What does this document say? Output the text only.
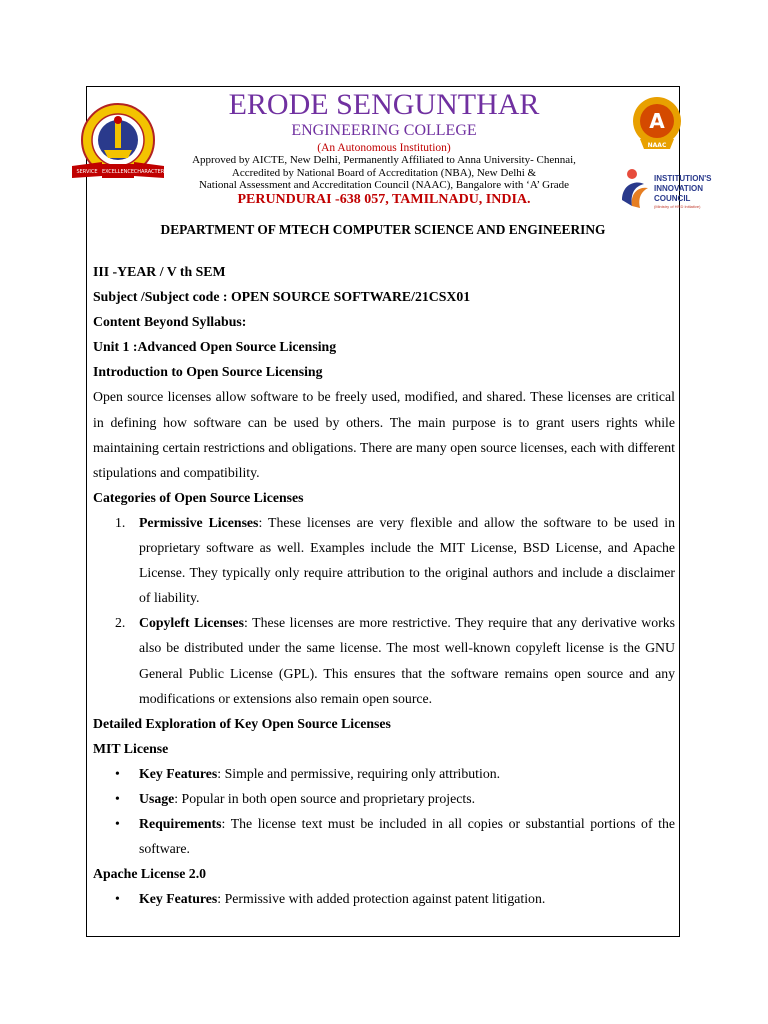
SERVICE EXCELLENCE CHARACTER
A
NAAC
INSTITUTION'S
INNOVATION
COUNCIL
(Ministry of HRD Initiative)
ERODE SENGUNTHAR
ENGINEERING COLLEGE
(An Autonomous Institution)
Approved by AICTE, New Delhi, Permanently Affiliated to Anna University- Chennai,
Accredited by National Board of Accreditation (NBA), New Delhi &
National Assessment and Accreditation Council (NAAC), Bangalore with ‘A’ Grade
PERUNDURAI -638 057, TAMILNADU, INDIA.
DEPARTMENT OF MTECH COMPUTER SCIENCE AND ENGINEERING

III -YEAR / V th SEM

Subject /Subject code : OPEN SOURCE SOFTWARE/21CSX01

Content Beyond Syllabus:

Unit 1 :Advanced Open Source Licensing

Introduction to Open Source Licensing

Open source licenses allow software to be freely used, modified, and shared. These licenses are critical in defining how software can be used by others. The main purpose is to grant users rights while maintaining certain restrictions and obligations. There are many open source licenses, each with different stipulations and compatibility.

Categories of Open Source Licenses

1. Permissive Licenses: These licenses are very flexible and allow the software to be used in proprietary software as well. Examples include the MIT License, BSD License, and Apache License. They typically only require attribution to the original authors and include a disclaimer of liability.
2. Copyleft Licenses: These licenses are more restrictive. They require that any derivative works also be distributed under the same license. The most well-known copyleft license is the GNU General Public License (GPL). This ensures that the software remains open source and any modifications or extensions also remain open source.

Detailed Exploration of Key Open Source Licenses

MIT License

• Key Features: Simple and permissive, requiring only attribution.
• Usage: Popular in both open source and proprietary projects.
• Requirements: The license text must be included in all copies or substantial portions of the software.

Apache License 2.0

• Key Features: Permissive with added protection against patent litigation.
